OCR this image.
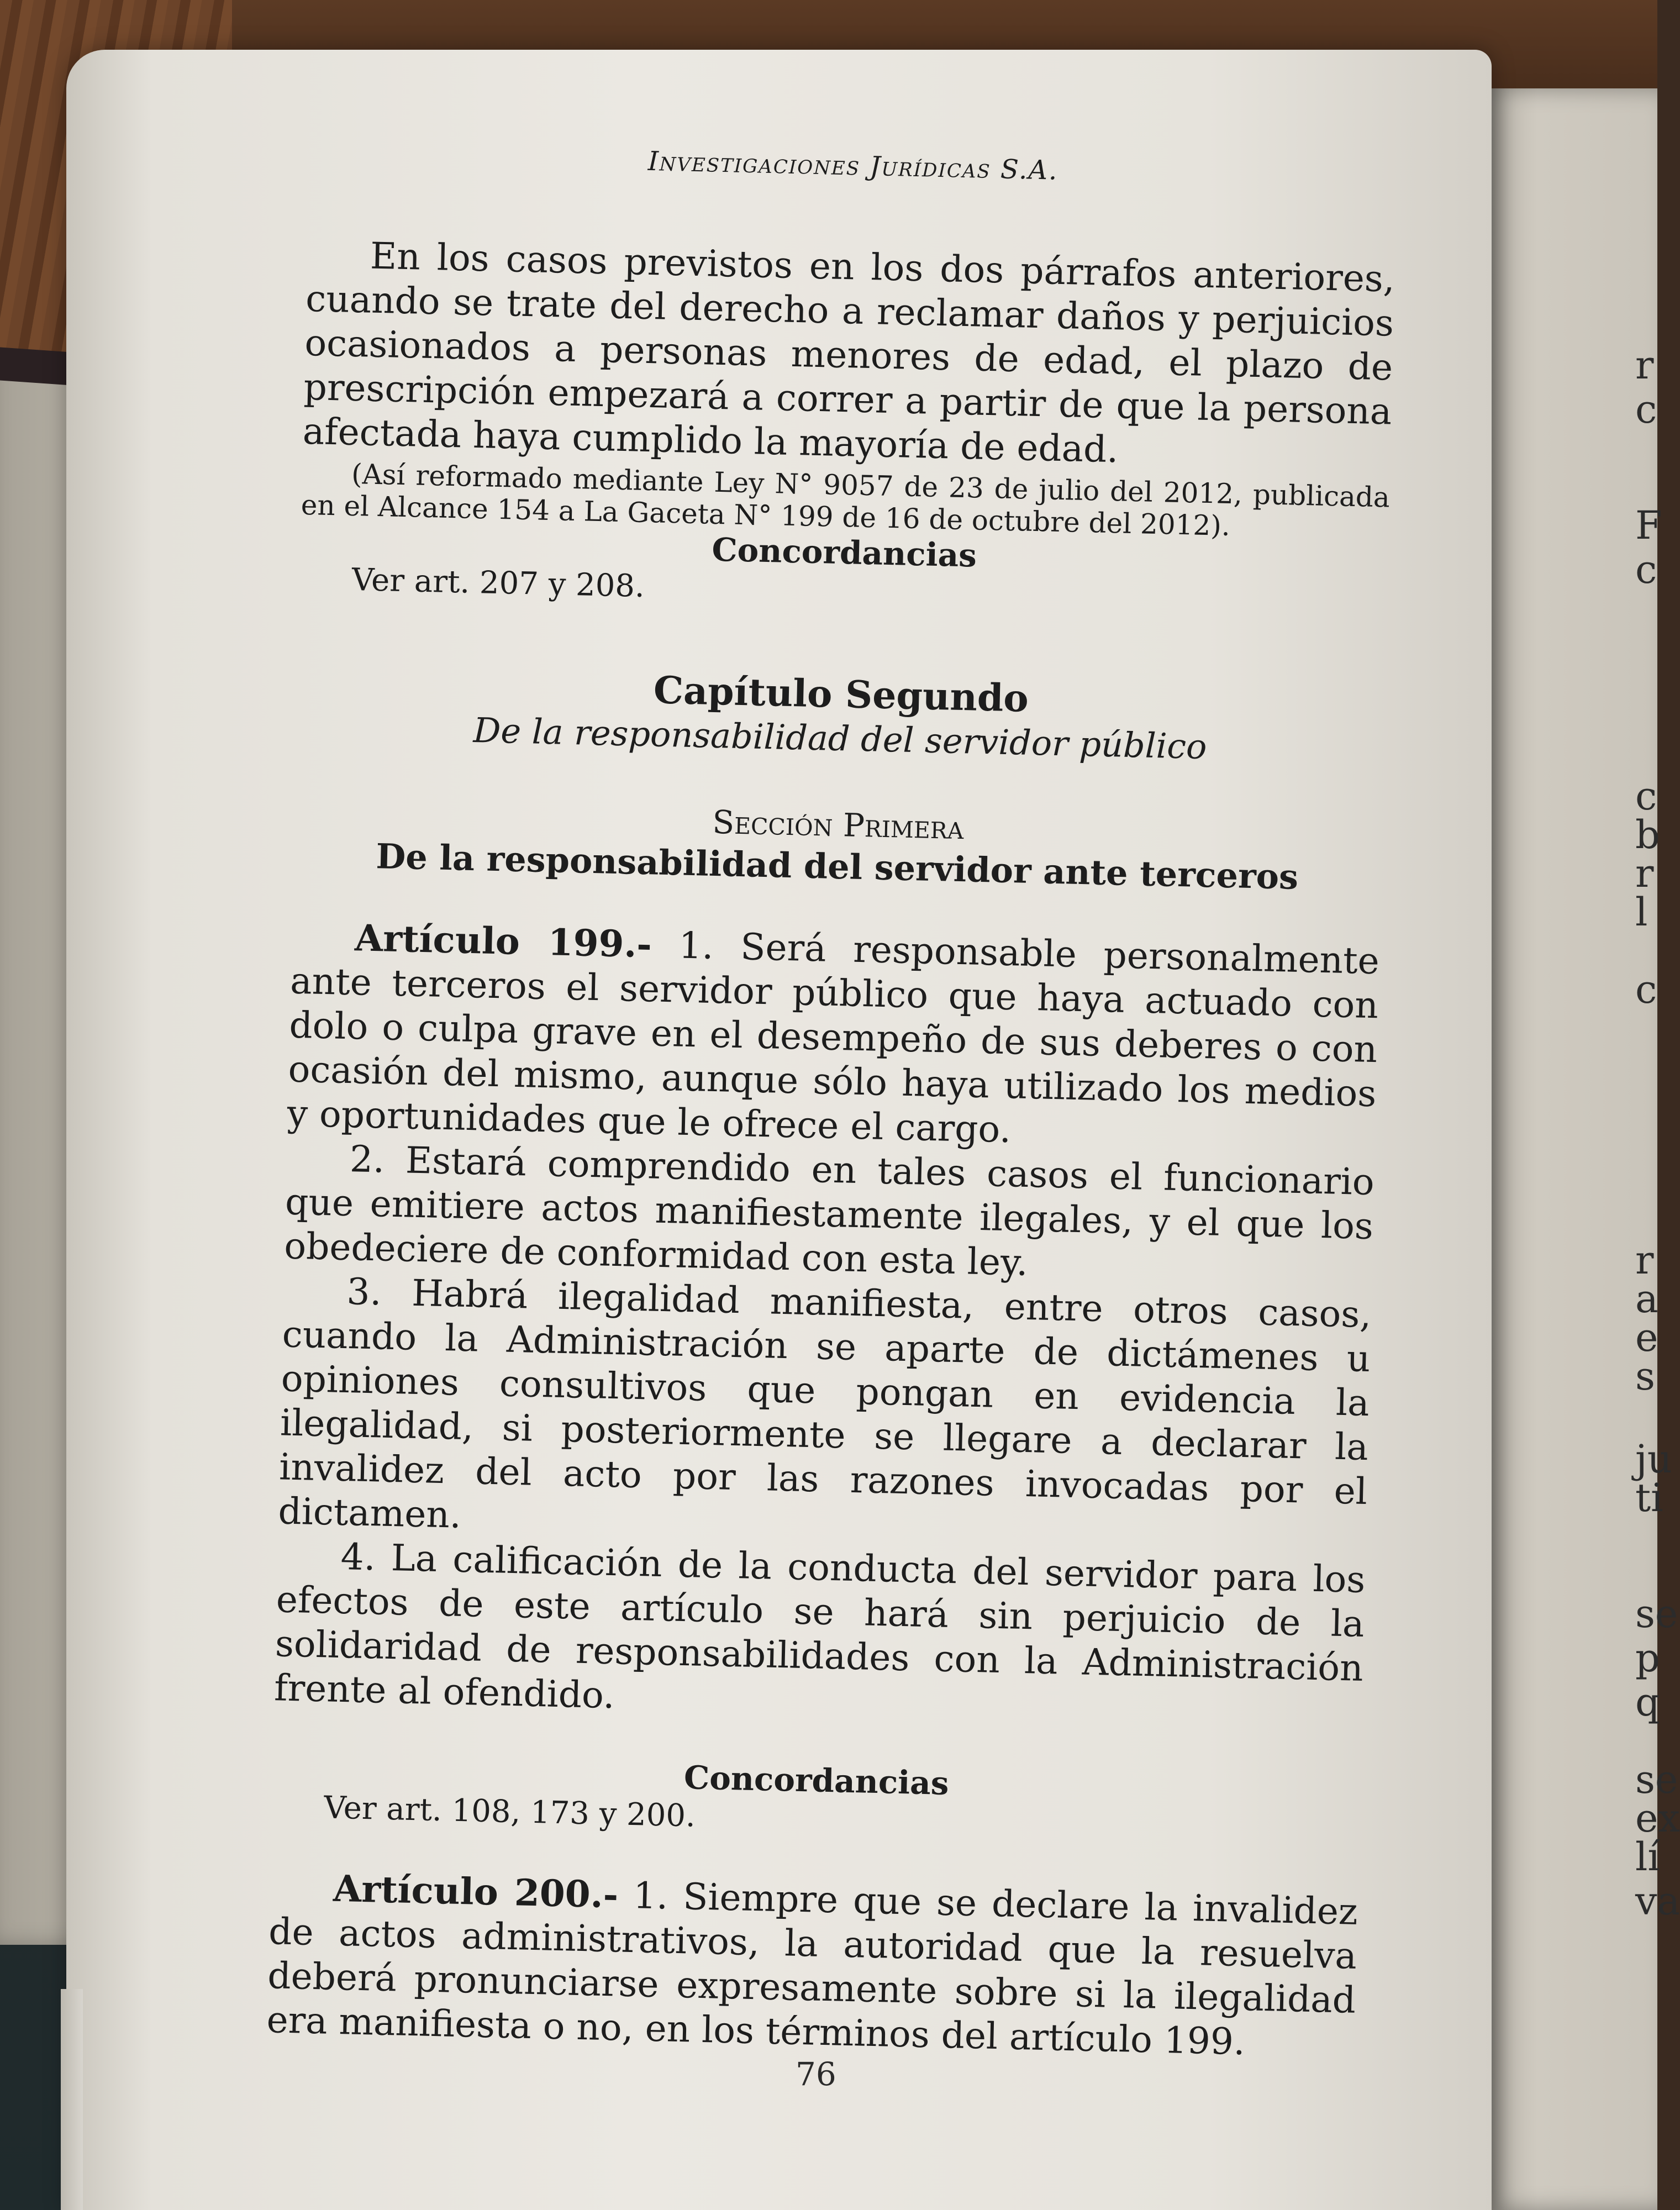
r
c
F
c
c
b
r
l
c
r
a
e
s
ju
ti
se
p
q
se
ex
lí
va
Investigaciones Jurídicas S.A.

En los casos previstos en los dos párrafos anteriores, cuando se trate del derecho a reclamar daños y perjuicios ocasionados a personas menores de edad, el plazo de prescripción empezará a correr a partir de que la persona afectada haya cumplido la mayoría de edad.

(Así reformado mediante Ley N° 9057 de 23 de julio del 2012, publicada en el Alcance 154 a La Gaceta N° 199 de 16 de octubre del 2012).

Concordancias
Ver art. 207 y 208.
Capítulo Segundo
De la responsabilidad del servidor público
Sección Primera
De la responsabilidad del servidor ante terceros

Artículo 199.- 1. Será responsable personalmente ante terceros el servidor público que haya actuado con dolo o culpa grave en el desempeño de sus deberes o con ocasión del mismo, aunque sólo haya utilizado los medios y oportunidades que le ofrece el cargo.

2. Estará comprendido en tales casos el funcionario que emitiere actos manifiestamente ilegales, y el que los obedeciere de conformidad con esta ley.

3. Habrá ilegalidad manifiesta, entre otros casos, cuando la Administración se aparte de dictámenes u opiniones consultivos que pongan en evidencia la ilegalidad, si posteriormente se llegare a declarar la invalidez del acto por las razones invocadas por el dictamen.

4. La calificación de la conducta del servidor para los efectos de este artículo se hará sin perjuicio de la solidaridad de responsabilidades con la Administración frente al ofendido.

Concordancias
Ver art. 108, 173 y 200.

Artículo 200.- 1. Siempre que se declare la invalidez de actos administrativos, la autoridad que la resuelva deberá pronunciarse expresamente sobre si la ilegalidad era manifiesta o no, en los términos del artículo 199.

76
